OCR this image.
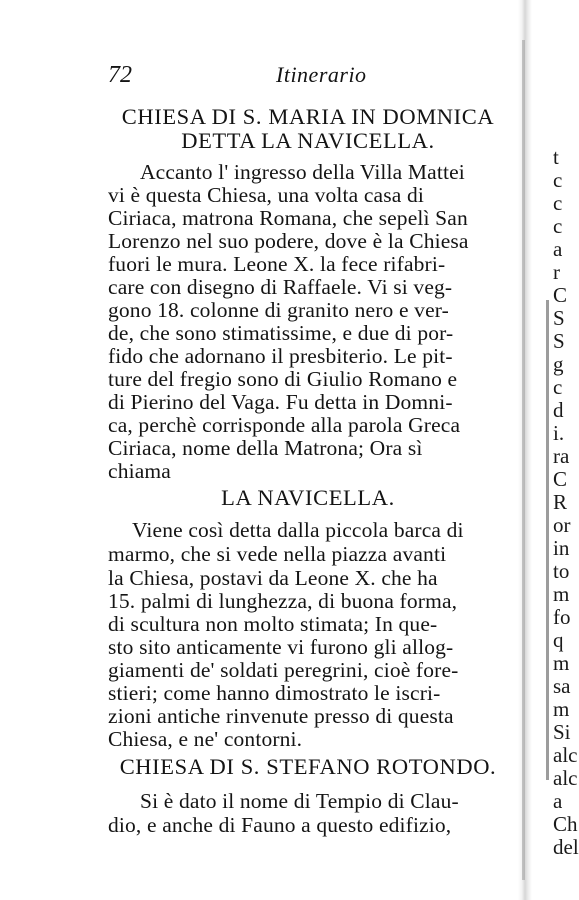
72	Itinerario
CHIESA DI S. MARIA IN DOMNICA
DETTA LA NAVICELLA.
Accanto l' ingresso della Villa Mattei
vi è questa Chiesa, una volta casa di
Ciriaca, matrona Romana, che sepelì San
Lorenzo nel suo podere, dove è la Chiesa
fuori le mura. Leone X. la fece rifabri-
care con disegno di Raffaele. Vi si veg-
gono 18. colonne di granito nero e ver-
de, che sono stimatissime, e due di por-
fido che adornano il presbiterio. Le pit-
ture del fregio sono di Giulio Romano e
di Pierino del Vaga. Fu detta in Domni-
ca, perchè corrisponde alla parola Greca
Ciriaca, nome della Matrona; Ora sì
chiama
LA NAVICELLA.
Viene così detta dalla piccola barca di
marmo, che si vede nella piazza avanti
la Chiesa, postavi da Leone X. che ha
15. palmi di lunghezza, di buona forma,
di scultura non molto stimata; In que-
sto sito anticamente vi furono gli allog-
giamenti de' soldati peregrini, cioè fore-
stieri; come hanno dimostrato le iscri-
zioni antiche rinvenute presso di questa
Chiesa, e ne' contorni.
CHIESA DI S. STEFANO ROTONDO.
Si è dato il nome di Tempio di Clau-
dio, e anche di Fauno a questo edifizio,
t
c
c
c
a
r
C
S
S
g
c
d
i.
ra
C
R
or
in
to
m
fo
q
m
sa
m
Si
alc
alc
a
Ch
del
